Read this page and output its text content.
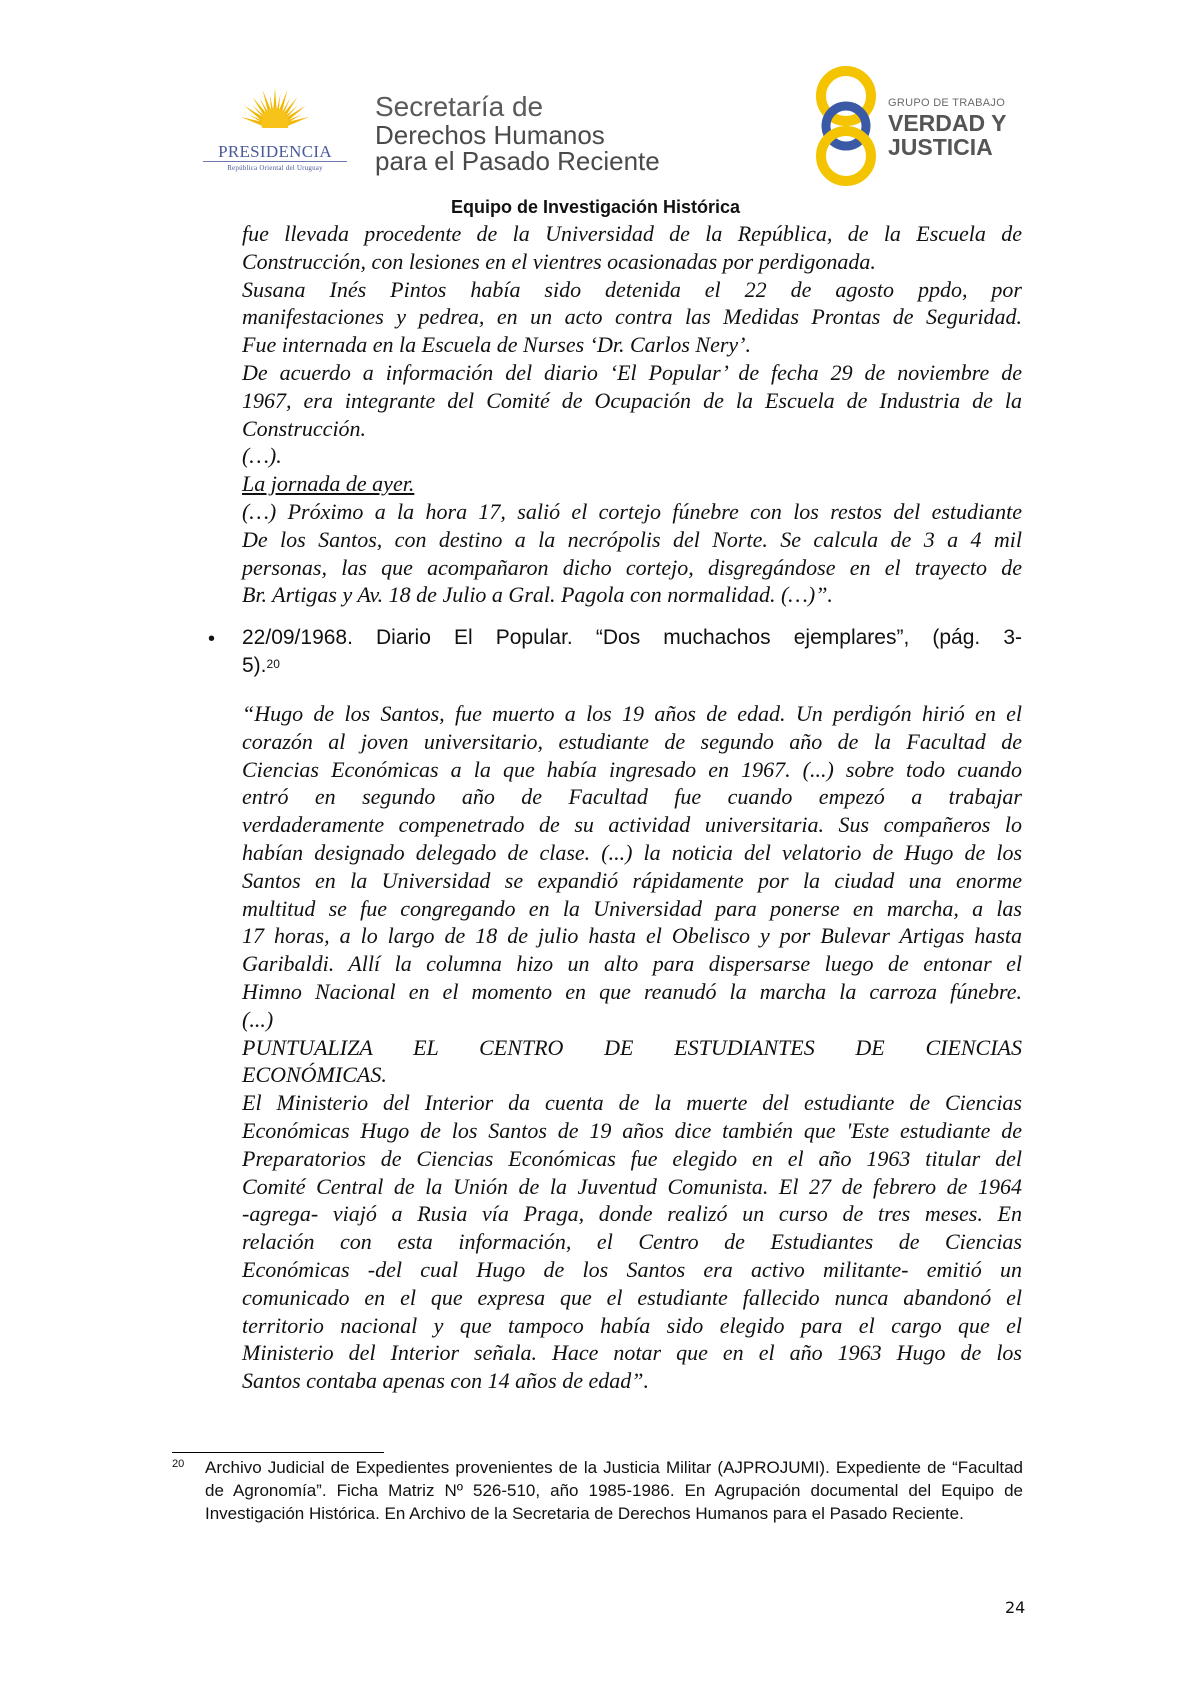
PRESIDENCIA
República Oriental del Uruguay
Secretaría de
Derechos Humanos
para el Pasado Reciente
GRUPO DE TRABAJO
VERDAD Y
JUSTICIA
Equipo de Investigación Histórica
fue llevada procedente de la Universidad de la República, de la Escuela de
Construcción, con lesiones en el vientres ocasionadas por perdigonada.
Susana Inés Pintos había sido detenida el 22 de agosto ppdo, por
manifestaciones y pedrea, en un acto contra las Medidas Prontas de Seguridad.
Fue internada en la Escuela de Nurses ‘Dr. Carlos Nery’.
De acuerdo a información del diario ‘El Popular’ de fecha 29 de noviembre de
1967, era integrante del Comité de Ocupación de la Escuela de Industria de la
Construcción.
(…).
La jornada de ayer.
(…) Próximo a la hora 17, salió el cortejo fúnebre con los restos del estudiante
De los Santos, con destino a la necrópolis del Norte. Se calcula de 3 a 4 mil
personas, las que acompañaron dicho cortejo, disgregándose en el trayecto de
Br. Artigas y Av. 18 de Julio a Gral. Pagola con normalidad. (…)”.
• 22/09/1968. Diario El Popular. “Dos muchachos ejemplares”, (pág. 3-
5).$^{20}$
“Hugo de los Santos, fue muerto a los 19 años de edad. Un perdigón hirió en el
corazón al joven universitario, estudiante de segundo año de la Facultad de
Ciencias Económicas a la que había ingresado en 1967. (...) sobre todo cuando
entró en segundo año de Facultad fue cuando empezó a trabajar
verdaderamente compenetrado de su actividad universitaria. Sus compañeros lo
habían designado delegado de clase. (...) la noticia del velatorio de Hugo de los
Santos en la Universidad se expandió rápidamente por la ciudad una enorme
multitud se fue congregando en la Universidad para ponerse en marcha, a las
17 horas, a lo largo de 18 de julio hasta el Obelisco y por Bulevar Artigas hasta
Garibaldi. Allí la columna hizo un alto para dispersarse luego de entonar el
Himno Nacional en el momento en que reanudó la marcha la carroza fúnebre.
(...)
PUNTUALIZA EL CENTRO DE ESTUDIANTES DE CIENCIAS
ECONÓMICAS.
El Ministerio del Interior da cuenta de la muerte del estudiante de Ciencias
Económicas Hugo de los Santos de 19 años dice también que 'Este estudiante de
Preparatorios de Ciencias Económicas fue elegido en el año 1963 titular del
Comité Central de la Unión de la Juventud Comunista. El 27 de febrero de 1964
-agrega- viajó a Rusia vía Praga, donde realizó un curso de tres meses. En
relación con esta información, el Centro de Estudiantes de Ciencias
Económicas -del cual Hugo de los Santos era activo militante- emitió un
comunicado en el que expresa que el estudiante fallecido nunca abandonó el
territorio nacional y que tampoco había sido elegido para el cargo que el
Ministerio del Interior señala. Hace notar que en el año 1963 Hugo de los
Santos contaba apenas con 14 años de edad”.
20 Archivo Judicial de Expedientes provenientes de la Justicia Militar (AJPROJUMI). Expediente de “Facultad de Agronomía”. Ficha Matriz Nº 526-510, año 1985-1986. En Agrupación documental del Equipo de Investigación Histórica. En Archivo de la Secretaria de Derechos Humanos para el Pasado Reciente.
24
